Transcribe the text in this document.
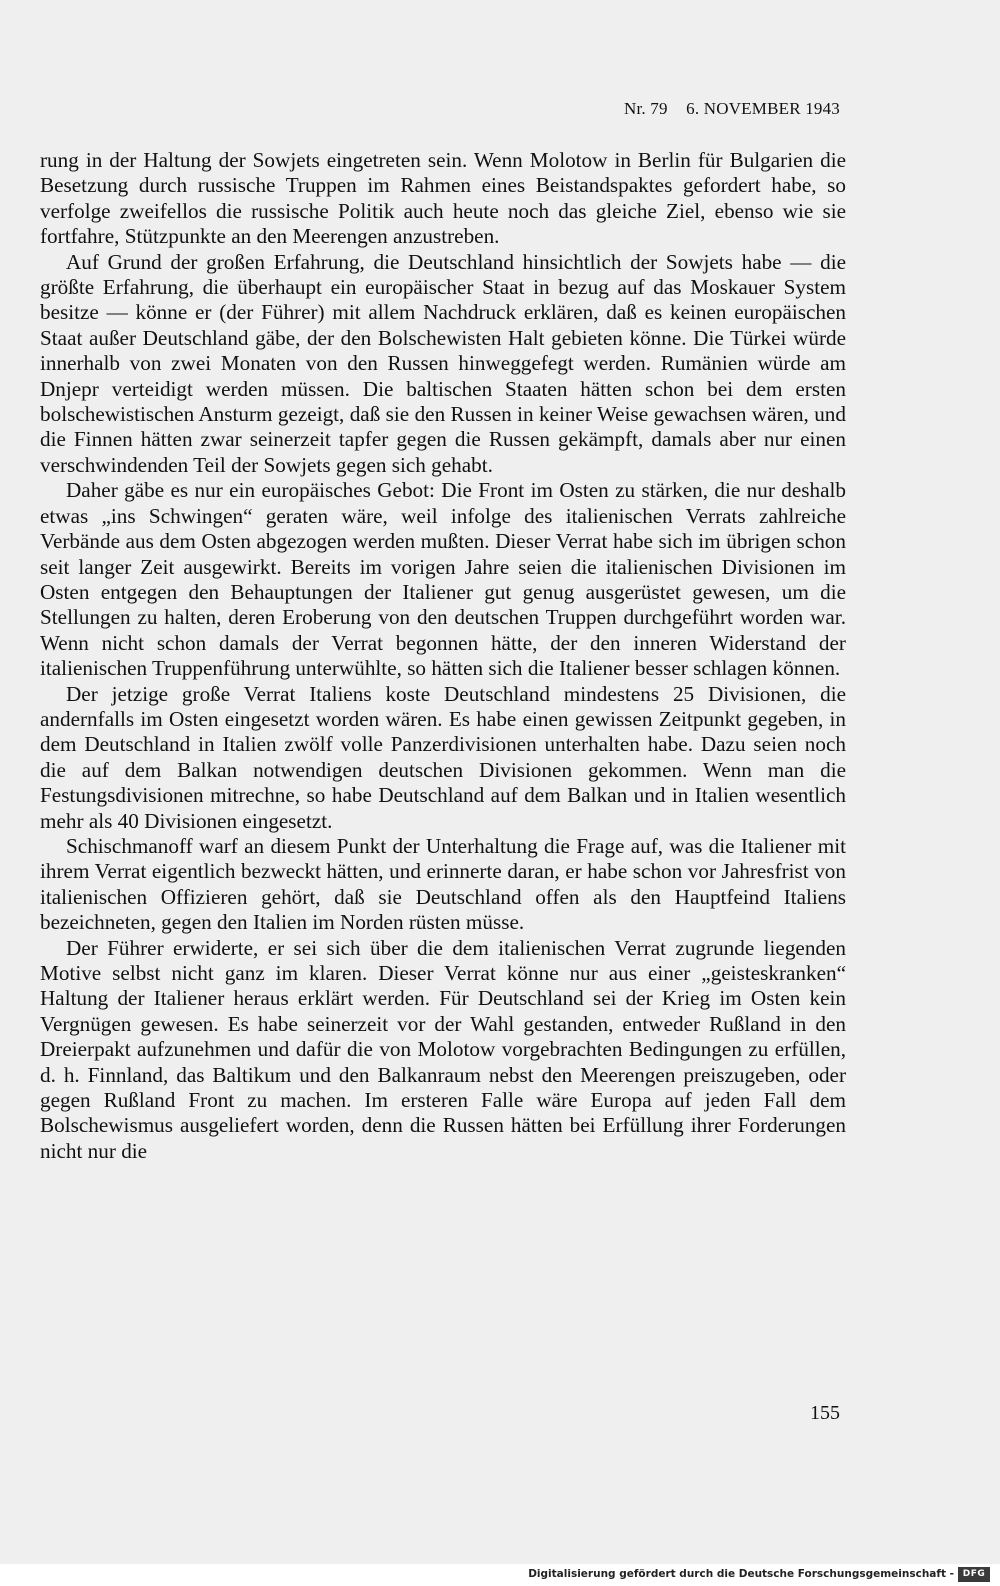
Nr. 79 6. NOVEMBER 1943

rung in der Haltung der Sowjets eingetreten sein. Wenn Molotow in Berlin für Bulgarien die Besetzung durch russische Truppen im Rahmen eines Beistandspaktes gefordert habe, so verfolge zweifellos die russische Politik auch heute noch das gleiche Ziel, ebenso wie sie fortfahre, Stützpunkte an den Meerengen anzustreben.

Auf Grund der großen Erfahrung, die Deutschland hinsichtlich der Sowjets habe — die größte Erfahrung, die überhaupt ein europäischer Staat in bezug auf das Moskauer System besitze — könne er (der Führer) mit allem Nachdruck erklären, daß es keinen europäischen Staat außer Deutschland gäbe, der den Bolschewisten Halt gebieten könne. Die Türkei würde innerhalb von zwei Monaten von den Russen hinweggefegt werden. Rumänien würde am Dnjepr verteidigt werden müssen. Die baltischen Staaten hätten schon bei dem ersten bolschewistischen Ansturm gezeigt, daß sie den Russen in keiner Weise gewachsen wären, und die Finnen hätten zwar seinerzeit tapfer gegen die Russen gekämpft, damals aber nur einen verschwindenden Teil der Sowjets gegen sich gehabt.

Daher gäbe es nur ein europäisches Gebot: Die Front im Osten zu stärken, die nur deshalb etwas „ins Schwingen“ geraten wäre, weil infolge des italienischen Verrats zahlreiche Verbände aus dem Osten abgezogen werden mußten. Dieser Verrat habe sich im übrigen schon seit langer Zeit ausgewirkt. Bereits im vorigen Jahre seien die italienischen Divisionen im Osten entgegen den Behauptungen der Italiener gut genug ausgerüstet gewesen, um die Stellungen zu halten, deren Eroberung von den deutschen Truppen durchgeführt worden war. Wenn nicht schon damals der Verrat begonnen hätte, der den inneren Widerstand der italienischen Truppenführung unterwühlte, so hätten sich die Italiener besser schlagen können.

Der jetzige große Verrat Italiens koste Deutschland mindestens 25 Divisionen, die andernfalls im Osten eingesetzt worden wären. Es habe einen gewissen Zeitpunkt gegeben, in dem Deutschland in Italien zwölf volle Panzerdivisionen unterhalten habe. Dazu seien noch die auf dem Balkan notwendigen deutschen Divisionen gekommen. Wenn man die Festungsdivisionen mitrechne, so habe Deutschland auf dem Balkan und in Italien wesentlich mehr als 40 Divisionen eingesetzt.

Schischmanoff warf an diesem Punkt der Unterhaltung die Frage auf, was die Italiener mit ihrem Verrat eigentlich bezweckt hätten, und erinnerte daran, er habe schon vor Jahresfrist von italienischen Offizieren gehört, daß sie Deutschland offen als den Hauptfeind Italiens bezeichneten, gegen den Italien im Norden rüsten müsse.

Der Führer erwiderte, er sei sich über die dem italienischen Verrat zugrunde liegenden Motive selbst nicht ganz im klaren. Dieser Verrat könne nur aus einer „geisteskranken“ Haltung der Italiener heraus erklärt werden. Für Deutschland sei der Krieg im Osten kein Vergnügen gewesen. Es habe seinerzeit vor der Wahl gestanden, entweder Rußland in den Dreierpakt aufzunehmen und dafür die von Molotow vorgebrachten Bedingungen zu erfüllen, d. h. Finnland, das Baltikum und den Balkanraum nebst den Meerengen preiszugeben, oder gegen Rußland Front zu machen. Im ersteren Falle wäre Europa auf jeden Fall dem Bolschewismus ausgeliefert worden, denn die Russen hätten bei Erfüllung ihrer Forderungen nicht nur die

155
Digitalisierung gefördert durch die Deutsche Forschungsgemeinschaft - DFG
